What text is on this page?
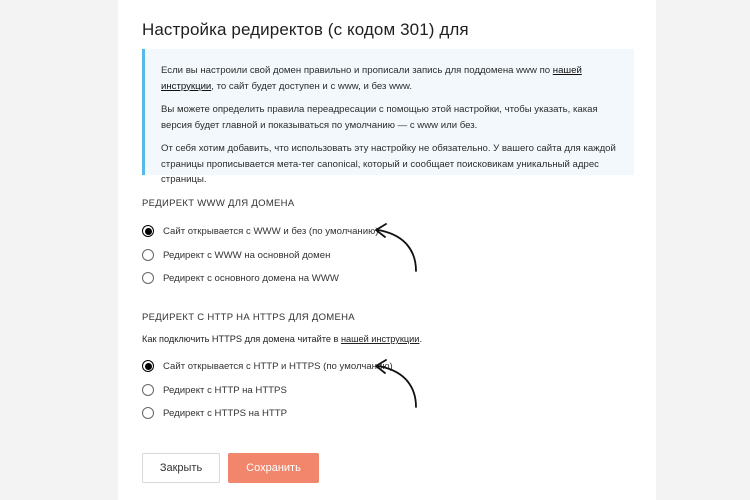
Настройка редиректов (с кодом 301) для

Если вы настроили свой домен правильно и прописали запись для поддомена www по нашей инструкции, то сайт будет доступен и с www, и без www.

Вы можете определить правила переадресации с помощью этой настройки, чтобы указать, какая версия будет главной и показываться по умолчанию — с www или без.

От себя хотим добавить, что использовать эту настройку не обязательно. У вашего сайта для каждой страницы прописывается мета-тег canonical, который и сообщает поисковикам уникальный адрес страницы.

РЕДИРЕКТ WWW ДЛЯ ДОМЕНА
Сайт открывается с WWW и без (по умолчанию)
Редирект с WWW на основной домен
Редирект с основного домена на WWW
РЕДИРЕКТ С HTTP НА HTTPS ДЛЯ ДОМЕНА
Как подключить HTTPS для домена читайте в нашей инструкции.
Сайт открывается с HTTP и HTTPS (по умолчанию)
Редирект с HTTP на HTTPS
Редирект с HTTPS на HTTP
Закрыть	Сохранить
